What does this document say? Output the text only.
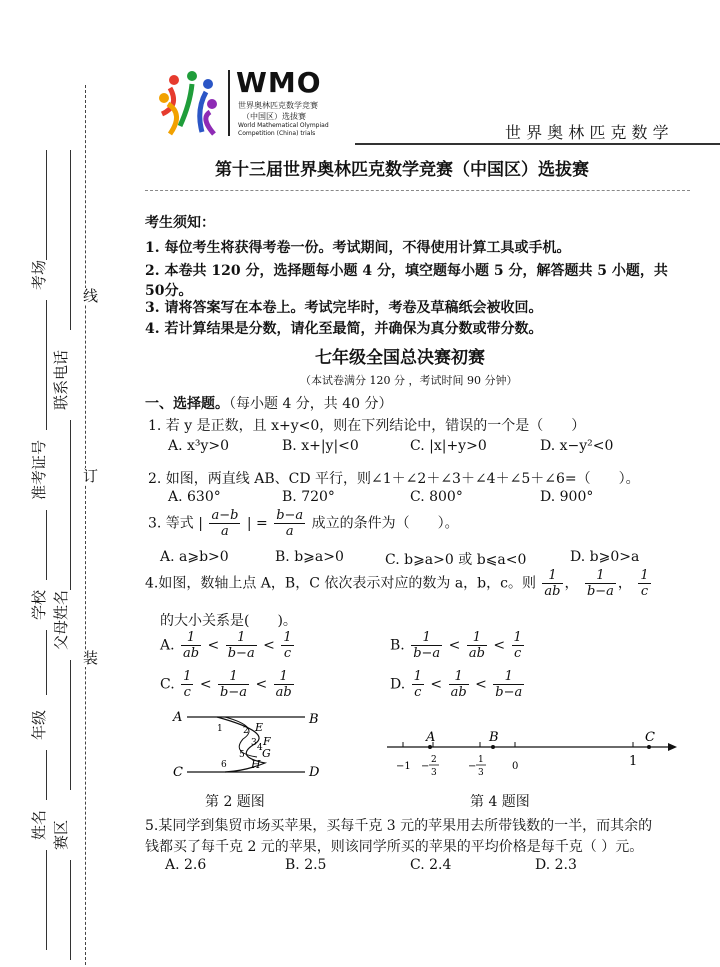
线
订
装
考场
准考证号
学校
年级
姓名
联系电话
父母姓名
赛区
WMO
世界奥林匹克数学竞赛
（中国区）选拔赛
World Mathematical Olympiad
Competition (China) trials	世 界 奥 林 匹 克 数 学
第十三届世界奥林匹克数学竞赛（中国区）选拔赛
考生须知：
1. 每位考生将获得考卷一份。考试期间，不得使用计算工具或手机。
2. 本卷共 120 分，选择题每小题 4 分，填空题每小题 5 分，解答题共 5 小题，共
50分。
3. 请将答案写在本卷上。考试完毕时，考卷及草稿纸会被收回。
4. 若计算结果是分数，请化至最简，并确保为真分数或带分数。
七年级全国总决赛初赛
（本试卷满分 120 分 ，考试时间 90 分钟）
一、选择题。（每小题 4 分，共 40 分）
1. 若 y 是正数，且 x+y<0，则在下列结论中，错误的一个是（　　）
A. x³y>0	B. x+|y|<0	C. |x|+y>0	D. x−y²<0
2. 如图，两直线 AB、CD 平行，则∠1＋∠2＋∠3＋∠4＋∠5＋∠6=（　　）。
A. 630°	B. 720°	C. 800°	D. 900°
3. 等式 | $\frac{a-b}{a}$ | = $\frac{b-a}{a}$ 成立的条件为（　　）。
A. a⩾b>0	B. b⩾a>0	C. b⩾a>0 或 b⩽a<0	D. b⩾0>a
4.如图，数轴上点 A，B，C 依次表示对应的数为 a，b，c。则 $\frac{1}{ab}$ ， $\frac{1}{b-a}$ ， $\frac{1}{c}$
的大小关系是(　　)。
A. $\frac{1}{ab} < \frac{1}{b-a} < \frac{1}{c}$	B. $\frac{1}{b-a} < \frac{1}{ab} < \frac{1}{c}$
C. $\frac{1}{c} < \frac{1}{b-a} < \frac{1}{ab}$	D. $\frac{1}{c} < \frac{1}{ab} < \frac{1}{b-a}$
A	B
C	D
E
F
G
H
1 2
3 4
5
6
第 2 题图
A	B	C
−1 −
2
3
−
1
3
0	1
第 4 题图
5.某同学到集贸市场买苹果，买每千克 3 元的苹果用去所带钱数的一半，而其余的
钱都买了每千克 2 元的苹果，则该同学所买的苹果的平均价格是每千克（ ）元。
A. 2.6	B. 2.5	C. 2.4	D. 2.3
